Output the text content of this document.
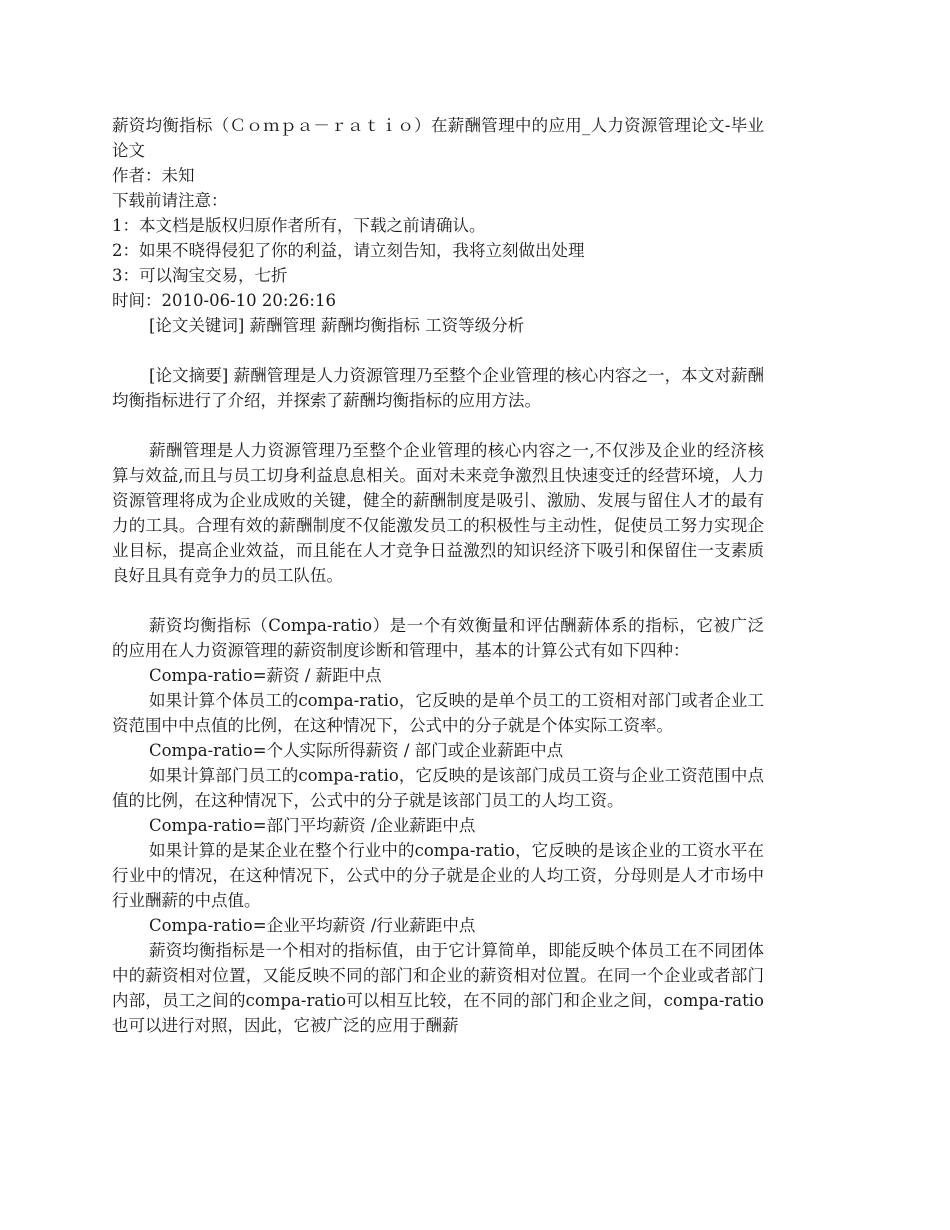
薪资均衡指标（Ｃｏｍｐａ－ｒａｔｉｏ）在薪酬管理中的应用_人力资源管理论文-毕业论文

作者：未知
下载前请注意：
1：本文档是版权归原作者所有，下载之前请确认。
2：如果不晓得侵犯了你的利益，请立刻告知，我将立刻做出处理
3：可以淘宝交易，七折
时间：2010-06-10 20:26:16
[论文关键词] 薪酬管理 薪酬均衡指标 工资等级分析

[论文摘要] 薪酬管理是人力资源管理乃至整个企业管理的核心内容之一，本文对薪酬均衡指标进行了介绍，并探索了薪酬均衡指标的应用方法。

薪酬管理是人力资源管理乃至整个企业管理的核心内容之一,不仅涉及企业的经济核算与效益,而且与员工切身利益息息相关。面对未来竞争激烈且快速变迁的经营环境，人力资源管理将成为企业成败的关键，健全的薪酬制度是吸引、激励、发展与留住人才的最有力的工具。合理有效的薪酬制度不仅能激发员工的积极性与主动性，促使员工努力实现企业目标，提高企业效益，而且能在人才竞争日益激烈的知识经济下吸引和保留住一支素质良好且具有竞争力的员工队伍。

薪资均衡指标（Compa-ratio）是一个有效衡量和评估酬薪体系的指标，它被广泛的应用在人力资源管理的薪资制度诊断和管理中，基本的计算公式有如下四种：

Compa-ratio=薪资 / 薪距中点

如果计算个体员工的compa-ratio，它反映的是单个员工的工资相对部门或者企业工资范围中中点值的比例，在这种情况下，公式中的分子就是个体实际工资率。

Compa-ratio=个人实际所得薪资 / 部门或企业薪距中点

如果计算部门员工的compa-ratio，它反映的是该部门成员工资与企业工资范围中点值的比例，在这种情况下，公式中的分子就是该部门员工的人均工资。

Compa-ratio=部门平均薪资 /企业薪距中点

如果计算的是某企业在整个行业中的compa-ratio，它反映的是该企业的工资水平在行业中的情况，在这种情况下，公式中的分子就是企业的人均工资，分母则是人才市场中行业酬薪的中点值。

Compa-ratio=企业平均薪资 /行业薪距中点

薪资均衡指标是一个相对的指标值，由于它计算简单，即能反映个体员工在不同团体中的薪资相对位置，又能反映不同的部门和企业的薪资相对位置。在同一个企业或者部门内部，员工之间的compa-ratio可以相互比较，在不同的部门和企业之间，compa-ratio也可以进行对照，因此，它被广泛的应用于酬薪
